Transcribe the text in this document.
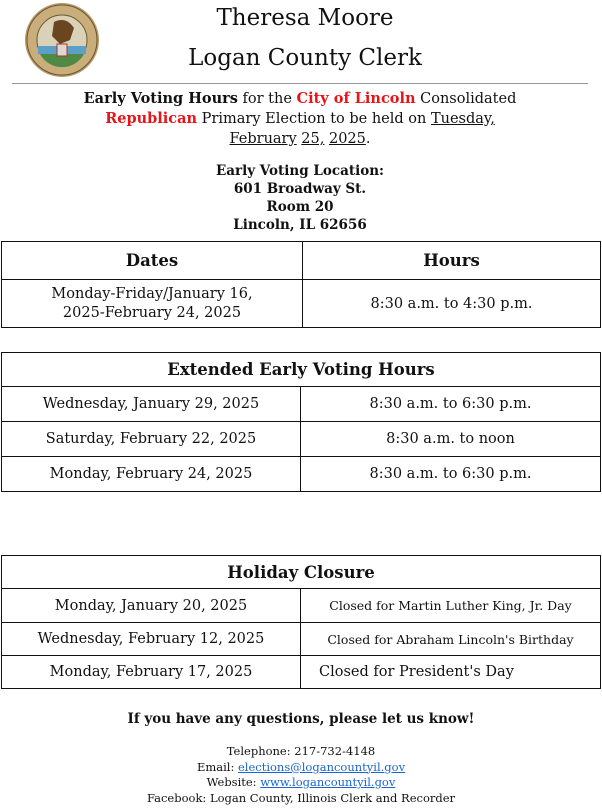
Theresa Moore
Logan County Clerk
Early Voting Hours for the City of Lincoln Consolidated
Republican Primary Election to be held on Tuesday,
February 25, 2025.
Early Voting Location:
601 Broadway St.
Room 20
Lincoln, IL 62656
Dates	Hours
Monday-Friday/January 16, 2025-February 24, 2025	8:30 a.m. to 4:30 p.m.
Extended Early Voting Hours	
Wednesday, January 29, 2025	8:30 a.m. to 6:30 p.m.
Saturday, February 22, 2025	8:30 a.m. to noon
Monday, February 24, 2025	8:30 a.m. to 6:30 p.m.
Holiday Closure	
Monday, January 20, 2025	Closed for Martin Luther King, Jr. Day
Wednesday, February 12, 2025	Closed for Abraham Lincoln's Birthday
Monday, February 17, 2025	Closed for President's Day
If you have any questions, please let us know!
Telephone: 217-732-4148
Email: elections@logancountyil.gov
Website: www.logancountyil.gov
Facebook: Logan County, Illinois Clerk and Recorder
